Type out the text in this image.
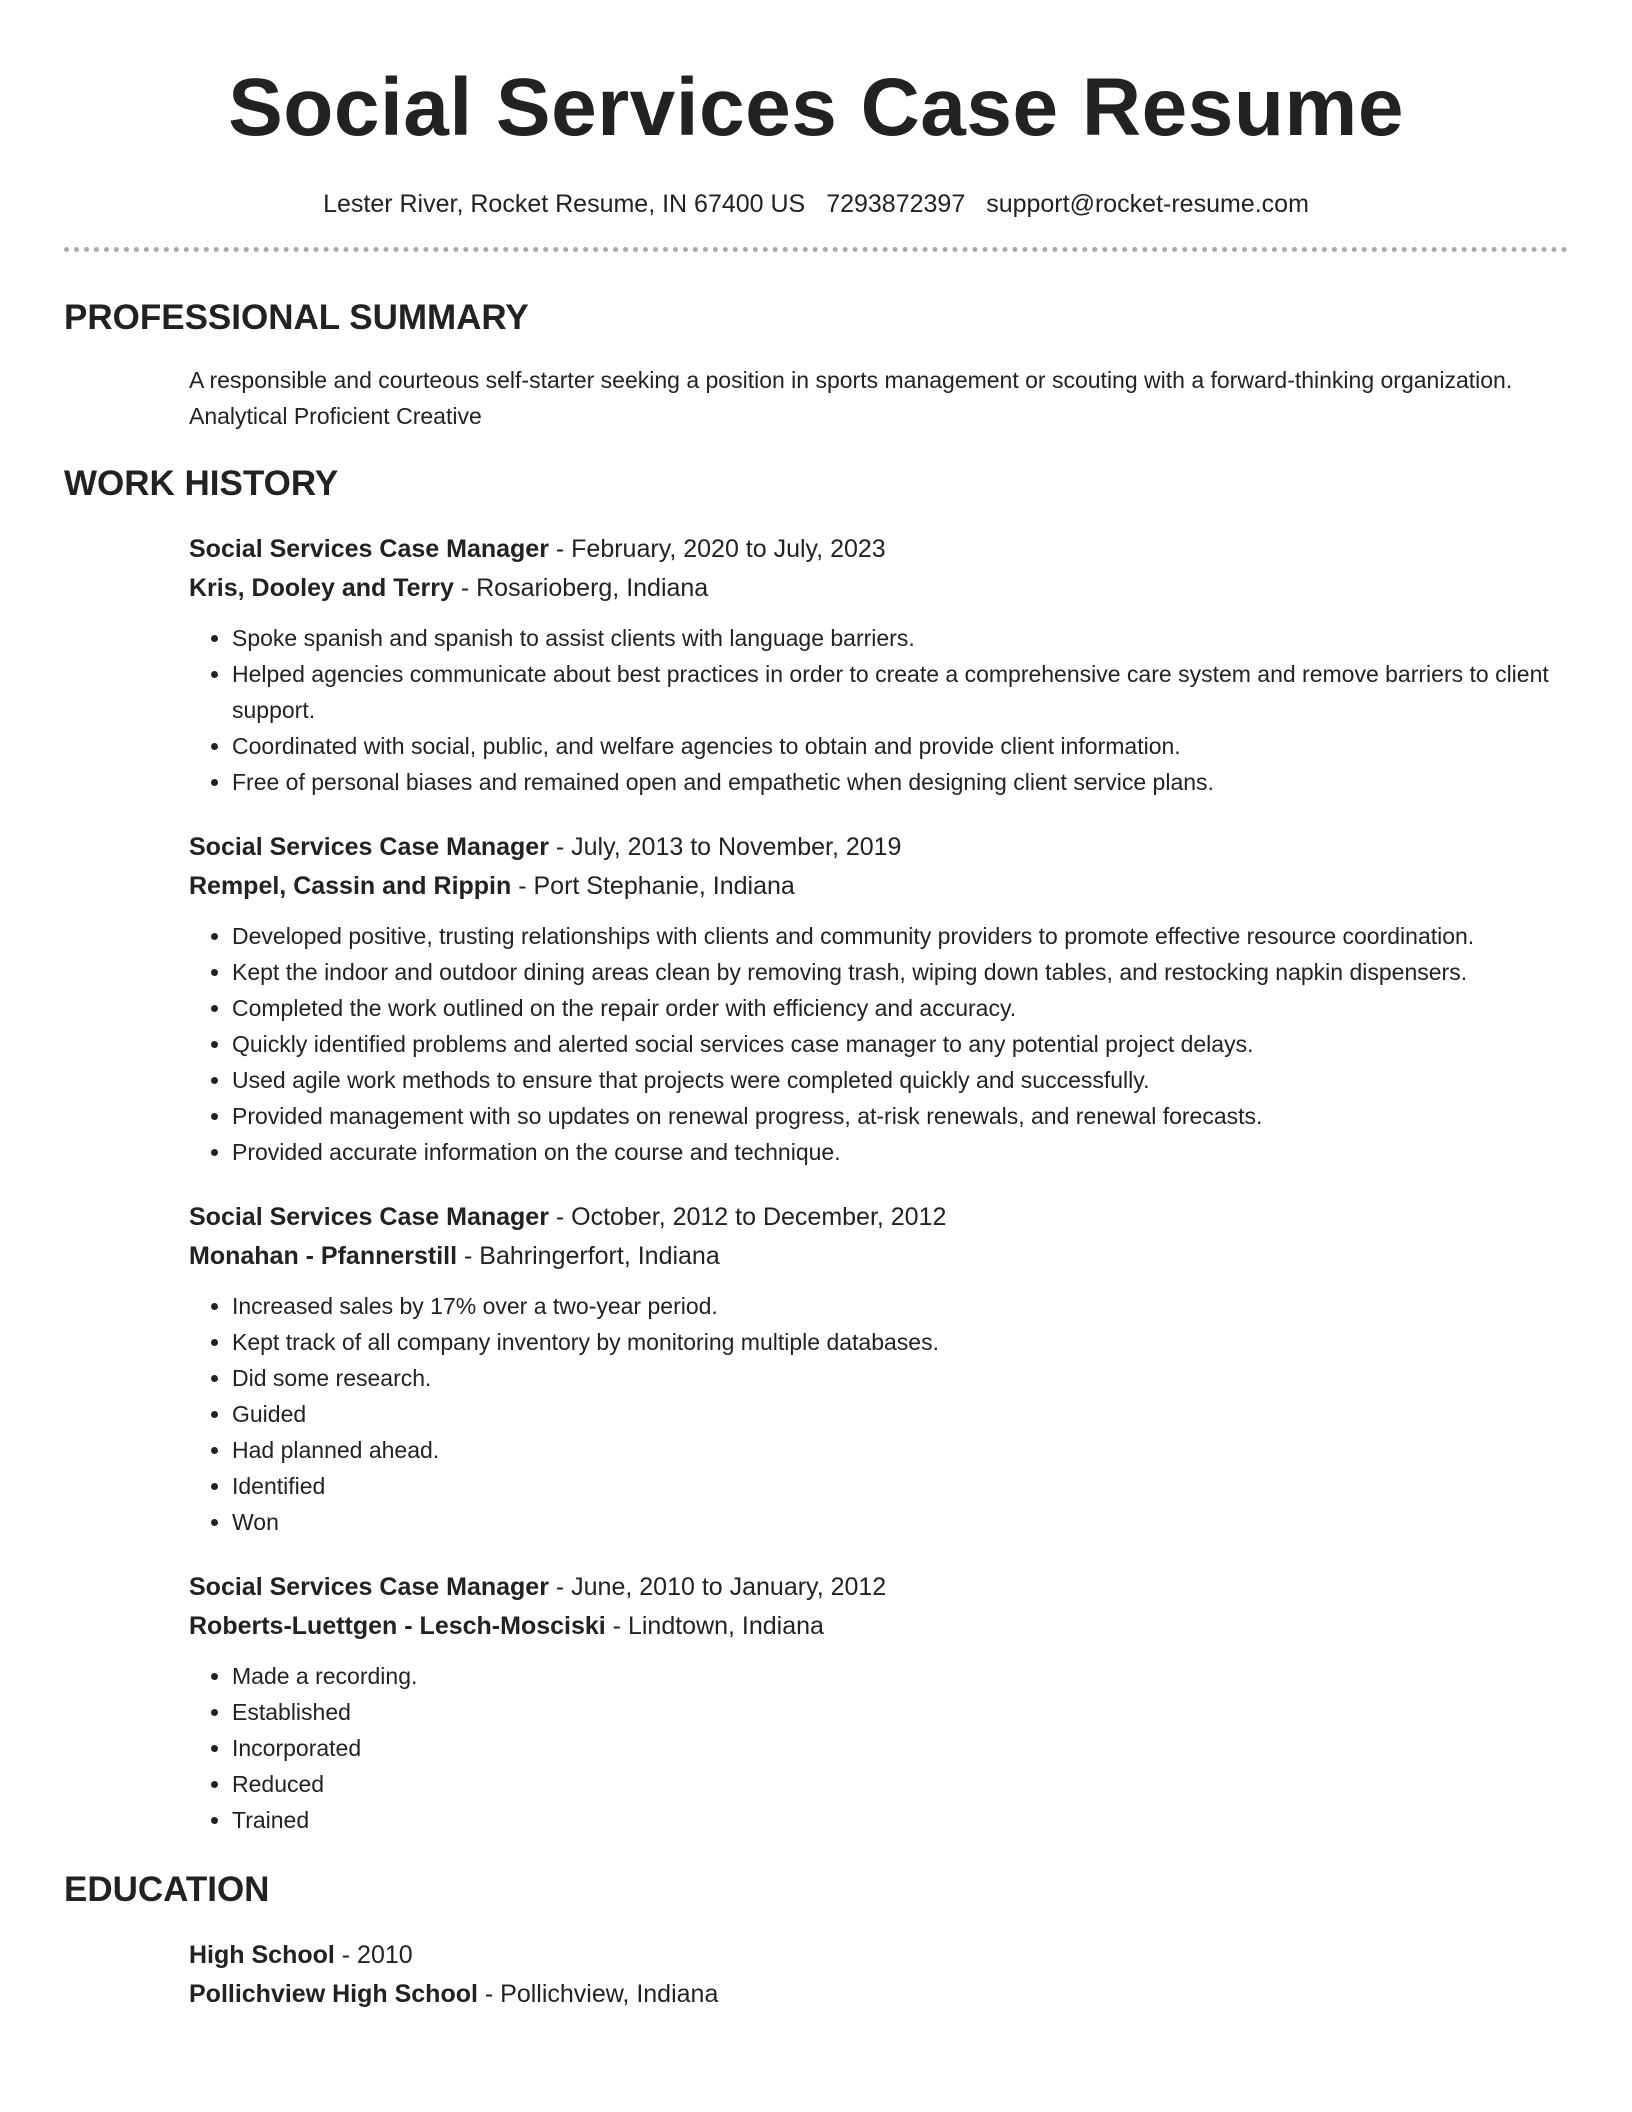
Social Services Case Resume
Lester River, Rocket Resume, IN 67400 US 7293872397 support@rocket-resume.com
PROFESSIONAL SUMMARY
A responsible and courteous self-starter seeking a position in sports management or scouting with a forward-thinking organization. Analytical Proficient Creative
WORK HISTORY
Social Services Case Manager - February, 2020 to July, 2023
Kris, Dooley and Terry - Rosarioberg, Indiana
• Spoke spanish and spanish to assist clients with language barriers.
• Helped agencies communicate about best practices in order to create a comprehensive care system and remove barriers to client support.
• Coordinated with social, public, and welfare agencies to obtain and provide client information.
• Free of personal biases and remained open and empathetic when designing client service plans.
Social Services Case Manager - July, 2013 to November, 2019
Rempel, Cassin and Rippin - Port Stephanie, Indiana
• Developed positive, trusting relationships with clients and community providers to promote effective resource coordination.
• Kept the indoor and outdoor dining areas clean by removing trash, wiping down tables, and restocking napkin dispensers.
• Completed the work outlined on the repair order with efficiency and accuracy.
• Quickly identified problems and alerted social services case manager to any potential project delays.
• Used agile work methods to ensure that projects were completed quickly and successfully.
• Provided management with so updates on renewal progress, at-risk renewals, and renewal forecasts.
• Provided accurate information on the course and technique.
Social Services Case Manager - October, 2012 to December, 2012
Monahan - Pfannerstill - Bahringerfort, Indiana
• Increased sales by 17% over a two-year period.
• Kept track of all company inventory by monitoring multiple databases.
• Did some research.
• Guided
• Had planned ahead.
• Identified
• Won
Social Services Case Manager - June, 2010 to January, 2012
Roberts-Luettgen - Lesch-Mosciski - Lindtown, Indiana
• Made a recording.
• Established
• Incorporated
• Reduced
• Trained
EDUCATION
High School - 2010
Pollichview High School - Pollichview, Indiana
